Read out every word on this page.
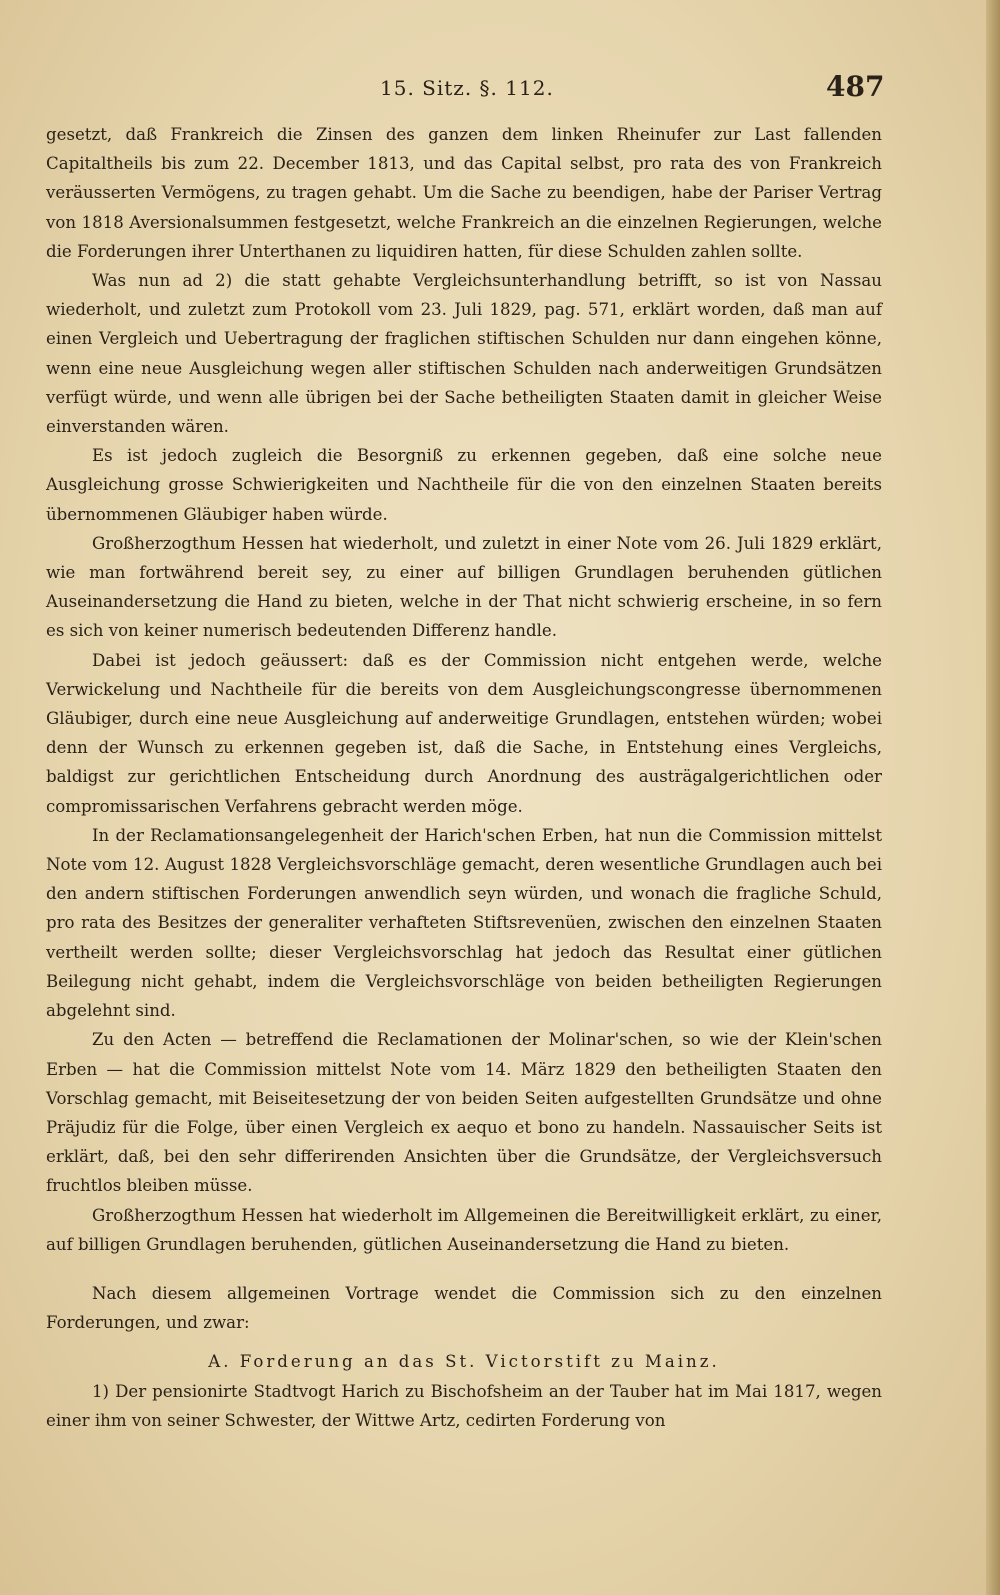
15. Sitz. §. 112.	487

gesetzt, daß Frankreich die Zinsen des ganzen dem linken Rheinufer zur Last fallenden Capitaltheils bis zum 22. December 1813, und das Capital selbst, pro rata des von Frankreich veräusserten Vermögens, zu tragen gehabt. Um die Sache zu beendigen, habe der Pariser Vertrag von 1818 Aversionalsummen festgesetzt, welche Frankreich an die einzelnen Regierungen, welche die Forderungen ihrer Unterthanen zu liquidiren hatten, für diese Schulden zahlen sollte.

Was nun ad 2) die statt gehabte Vergleichsunterhandlung betrifft, so ist von Nassau wiederholt, und zuletzt zum Protokoll vom 23. Juli 1829, pag. 571, erklärt worden, daß man auf einen Vergleich und Uebertragung der fraglichen stiftischen Schulden nur dann eingehen könne, wenn eine neue Ausgleichung wegen aller stiftischen Schulden nach anderweitigen Grundsätzen verfügt würde, und wenn alle übrigen bei der Sache betheiligten Staaten damit in gleicher Weise einverstanden wären.

Es ist jedoch zugleich die Besorgniß zu erkennen gegeben, daß eine solche neue Ausgleichung grosse Schwierigkeiten und Nachtheile für die von den einzelnen Staaten bereits übernommenen Gläubiger haben würde.

Großherzogthum Hessen hat wiederholt, und zuletzt in einer Note vom 26. Juli 1829 erklärt, wie man fortwährend bereit sey, zu einer auf billigen Grundlagen beruhenden gütlichen Auseinandersetzung die Hand zu bieten, welche in der That nicht schwierig erscheine, in so fern es sich von keiner numerisch bedeutenden Differenz handle.

Dabei ist jedoch geäussert: daß es der Commission nicht entgehen werde, welche Verwickelung und Nachtheile für die bereits von dem Ausgleichungscongresse übernommenen Gläubiger, durch eine neue Ausgleichung auf anderweitige Grundlagen, entstehen würden; wobei denn der Wunsch zu erkennen gegeben ist, daß die Sache, in Entstehung eines Vergleichs, baldigst zur gerichtlichen Entscheidung durch Anordnung des austrägalgerichtlichen oder compromissarischen Verfahrens gebracht werden möge.

In der Reclamationsangelegenheit der Harich'schen Erben, hat nun die Commission mittelst Note vom 12. August 1828 Vergleichsvorschläge gemacht, deren wesentliche Grundlagen auch bei den andern stiftischen Forderungen anwendlich seyn würden, und wonach die fragliche Schuld, pro rata des Besitzes der generaliter verhafteten Stiftsrevenüen, zwischen den einzelnen Staaten vertheilt werden sollte; dieser Vergleichsvorschlag hat jedoch das Resultat einer gütlichen Beilegung nicht gehabt, indem die Vergleichsvorschläge von beiden betheiligten Regierungen abgelehnt sind.

Zu den Acten — betreffend die Reclamationen der Molinar'schen, so wie der Klein'schen Erben — hat die Commission mittelst Note vom 14. März 1829 den betheiligten Staaten den Vorschlag gemacht, mit Beiseitesetzung der von beiden Seiten aufgestellten Grundsätze und ohne Präjudiz für die Folge, über einen Vergleich ex aequo et bono zu handeln. Nassauischer Seits ist erklärt, daß, bei den sehr differirenden Ansichten über die Grundsätze, der Vergleichsversuch fruchtlos bleiben müsse.

Großherzogthum Hessen hat wiederholt im Allgemeinen die Bereitwilligkeit erklärt, zu einer, auf billigen Grundlagen beruhenden, gütlichen Auseinandersetzung die Hand zu bieten.

Nach diesem allgemeinen Vortrage wendet die Commission sich zu den einzelnen Forderungen, und zwar:

A. Forderung an das St. Victorstift zu Mainz.

1) Der pensionirte Stadtvogt Harich zu Bischofsheim an der Tauber hat im Mai 1817, wegen einer ihm von seiner Schwester, der Wittwe Artz, cedirten Forderung von
